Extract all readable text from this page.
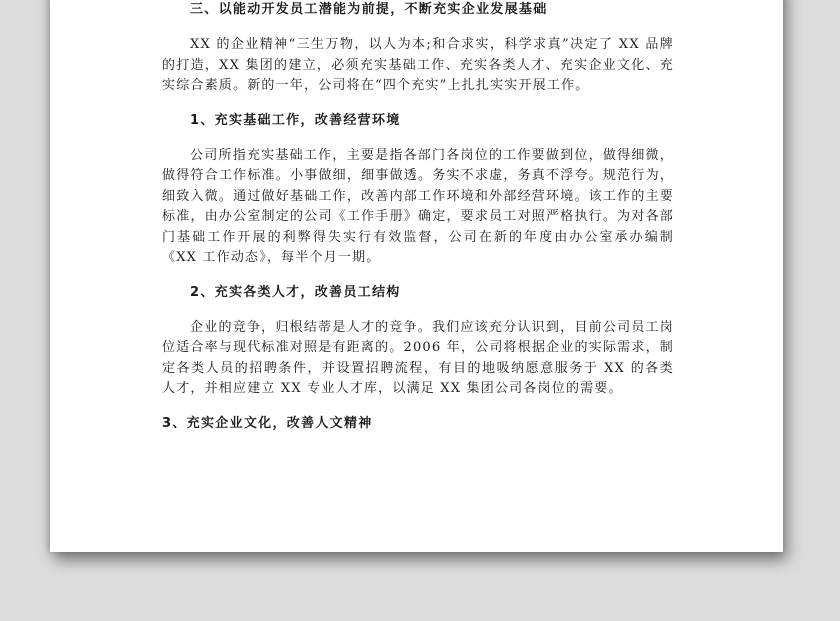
三、以能动开发员工潜能为前提，不断充实企业发展基础

XX 的企业精神“三生万物，以人为本;和合求实，科学求真”决定了 XX 品牌的打造，XX 集团的建立，必须充实基础工作、充实各类人才、充实企业文化、充实综合素质。新的一年，公司将在“四个充实”上扎扎实实开展工作。

1、充实基础工作，改善经营环境

公司所指充实基础工作，主要是指各部门各岗位的工作要做到位，做得细微，做得符合工作标准。小事做细，细事做透。务实不求虚，务真不浮夸。规范行为，细致入微。通过做好基础工作，改善内部工作环境和外部经营环境。该工作的主要标准，由办公室制定的公司《工作手册》确定，要求员工对照严格执行。为对各部门基础工作开展的利弊得失实行有效监督，公司在新的年度由办公室承办编制《XX 工作动态》，每半个月一期。

2、充实各类人才，改善员工结构

企业的竞争，归根结蒂是人才的竞争。我们应该充分认识到，目前公司员工岗位适合率与现代标准对照是有距离的。2006 年，公司将根据企业的实际需求，制定各类人员的招聘条件，并设置招聘流程，有目的地吸纳愿意服务于 XX 的各类人才，并相应建立 XX 专业人才库，以满足 XX 集团公司各岗位的需要。

3、充实企业文化，改善人文精神
